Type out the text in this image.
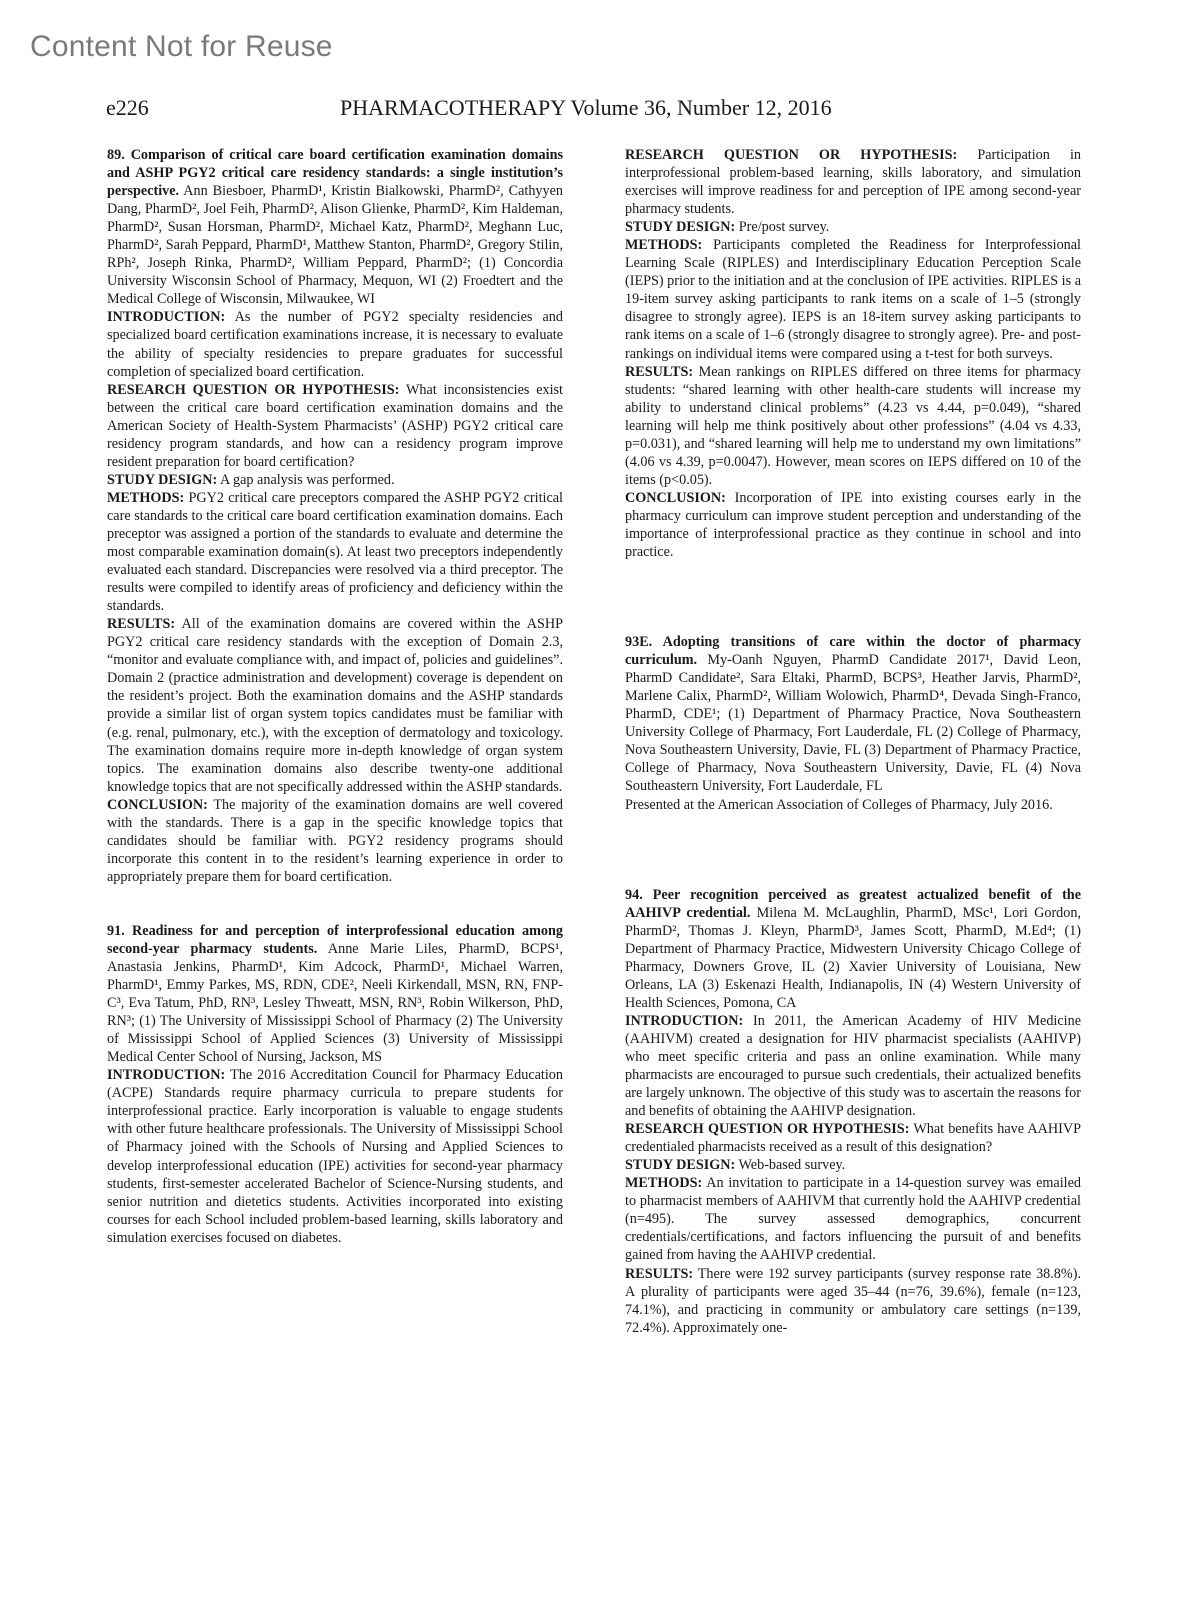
Content Not for Reuse
e226	PHARMACOTHERAPY Volume 36, Number 12, 2016

89. Comparison of critical care board certification examination domains and ASHP PGY2 critical care residency standards: a single institution’s perspective. Ann Biesboer, PharmD¹, Kristin Bialkowski, PharmD², Cathyyen Dang, PharmD², Joel Feih, PharmD², Alison Glienke, PharmD², Kim Haldeman, PharmD², Susan Horsman, PharmD², Michael Katz, PharmD², Meghann Luc, PharmD², Sarah Peppard, PharmD¹, Matthew Stanton, PharmD², Gregory Stilin, RPh², Joseph Rinka, PharmD², William Peppard, PharmD²; (1) Concordia University Wisconsin School of Pharmacy, Mequon, WI (2) Froedtert and the Medical College of Wisconsin, Milwaukee, WI

INTRODUCTION: As the number of PGY2 specialty residencies and specialized board certification examinations increase, it is necessary to evaluate the ability of specialty residencies to prepare graduates for successful completion of specialized board certification.

RESEARCH QUESTION OR HYPOTHESIS: What inconsistencies exist between the critical care board certification examination domains and the American Society of Health-System Pharmacists’ (ASHP) PGY2 critical care residency program standards, and how can a residency program improve resident preparation for board certification?

STUDY DESIGN: A gap analysis was performed.

METHODS: PGY2 critical care preceptors compared the ASHP PGY2 critical care standards to the critical care board certification examination domains. Each preceptor was assigned a portion of the standards to evaluate and determine the most comparable examination domain(s). At least two preceptors independently evaluated each standard. Discrepancies were resolved via a third preceptor. The results were compiled to identify areas of proficiency and deficiency within the standards.

RESULTS: All of the examination domains are covered within the ASHP PGY2 critical care residency standards with the exception of Domain 2.3, “monitor and evaluate compliance with, and impact of, policies and guidelines”. Domain 2 (practice administration and development) coverage is dependent on the resident’s project. Both the examination domains and the ASHP standards provide a similar list of organ system topics candidates must be familiar with (e.g. renal, pulmonary, etc.), with the exception of dermatology and toxicology. The examination domains require more in-depth knowledge of organ system topics. The examination domains also describe twenty-one additional knowledge topics that are not specifically addressed within the ASHP standards.

CONCLUSION: The majority of the examination domains are well covered with the standards. There is a gap in the specific knowledge topics that candidates should be familiar with. PGY2 residency programs should incorporate this content in to the resident’s learning experience in order to appropriately prepare them for board certification.

91. Readiness for and perception of interprofessional education among second-year pharmacy students. Anne Marie Liles, PharmD, BCPS¹, Anastasia Jenkins, PharmD¹, Kim Adcock, PharmD¹, Michael Warren, PharmD¹, Emmy Parkes, MS, RDN, CDE², Neeli Kirkendall, MSN, RN, FNP-C³, Eva Tatum, PhD, RN³, Lesley Thweatt, MSN, RN³, Robin Wilkerson, PhD, RN³; (1) The University of Mississippi School of Pharmacy (2) The University of Mississippi School of Applied Sciences (3) University of Mississippi Medical Center School of Nursing, Jackson, MS

INTRODUCTION: The 2016 Accreditation Council for Pharmacy Education (ACPE) Standards require pharmacy curricula to prepare students for interprofessional practice. Early incorporation is valuable to engage students with other future healthcare professionals. The University of Mississippi School of Pharmacy joined with the Schools of Nursing and Applied Sciences to develop interprofessional education (IPE) activities for second-year pharmacy students, first-semester accelerated Bachelor of Science-Nursing students, and senior nutrition and dietetics students. Activities incorporated into existing courses for each School included problem-based learning, skills laboratory and simulation exercises focused on diabetes.

RESEARCH QUESTION OR HYPOTHESIS: Participation in interprofessional problem-based learning, skills laboratory, and simulation exercises will improve readiness for and perception of IPE among second-year pharmacy students.

STUDY DESIGN: Pre/post survey.

METHODS: Participants completed the Readiness for Interprofessional Learning Scale (RIPLES) and Interdisciplinary Education Perception Scale (IEPS) prior to the initiation and at the conclusion of IPE activities. RIPLES is a 19-item survey asking participants to rank items on a scale of 1–5 (strongly disagree to strongly agree). IEPS is an 18-item survey asking participants to rank items on a scale of 1–6 (strongly disagree to strongly agree). Pre- and post-rankings on individual items were compared using a t-test for both surveys.

RESULTS: Mean rankings on RIPLES differed on three items for pharmacy students: “shared learning with other health-care students will increase my ability to understand clinical problems” (4.23 vs 4.44, p=0.049), “shared learning will help me think positively about other professions” (4.04 vs 4.33, p=0.031), and “shared learning will help me to understand my own limitations” (4.06 vs 4.39, p=0.0047). However, mean scores on IEPS differed on 10 of the items (p<0.05).

CONCLUSION: Incorporation of IPE into existing courses early in the pharmacy curriculum can improve student perception and understanding of the importance of interprofessional practice as they continue in school and into practice.

93E. Adopting transitions of care within the doctor of pharmacy curriculum. My-Oanh Nguyen, PharmD Candidate 2017¹, David Leon, PharmD Candidate², Sara Eltaki, PharmD, BCPS³, Heather Jarvis, PharmD², Marlene Calix, PharmD², William Wolowich, PharmD⁴, Devada Singh-Franco, PharmD, CDE¹; (1) Department of Pharmacy Practice, Nova Southeastern University College of Pharmacy, Fort Lauderdale, FL (2) College of Pharmacy, Nova Southeastern University, Davie, FL (3) Department of Pharmacy Practice, College of Pharmacy, Nova Southeastern University, Davie, FL (4) Nova Southeastern University, Fort Lauderdale, FL

Presented at the American Association of Colleges of Pharmacy, July 2016.

94. Peer recognition perceived as greatest actualized benefit of the AAHIVP credential. Milena M. McLaughlin, PharmD, MSc¹, Lori Gordon, PharmD², Thomas J. Kleyn, PharmD³, James Scott, PharmD, M.Ed⁴; (1) Department of Pharmacy Practice, Midwestern University Chicago College of Pharmacy, Downers Grove, IL (2) Xavier University of Louisiana, New Orleans, LA (3) Eskenazi Health, Indianapolis, IN (4) Western University of Health Sciences, Pomona, CA

INTRODUCTION: In 2011, the American Academy of HIV Medicine (AAHIVM) created a designation for HIV pharmacist specialists (AAHIVP) who meet specific criteria and pass an online examination. While many pharmacists are encouraged to pursue such credentials, their actualized benefits are largely unknown. The objective of this study was to ascertain the reasons for and benefits of obtaining the AAHIVP designation.

RESEARCH QUESTION OR HYPOTHESIS: What benefits have AAHIVP credentialed pharmacists received as a result of this designation?

STUDY DESIGN: Web-based survey.

METHODS: An invitation to participate in a 14-question survey was emailed to pharmacist members of AAHIVM that currently hold the AAHIVP credential (n=495). The survey assessed demographics, concurrent credentials/certifications, and factors influencing the pursuit of and benefits gained from having the AAHIVP credential.

RESULTS: There were 192 survey participants (survey response rate 38.8%). A plurality of participants were aged 35–44 (n=76, 39.6%), female (n=123, 74.1%), and practicing in community or ambulatory care settings (n=139, 72.4%). Approximately one-
